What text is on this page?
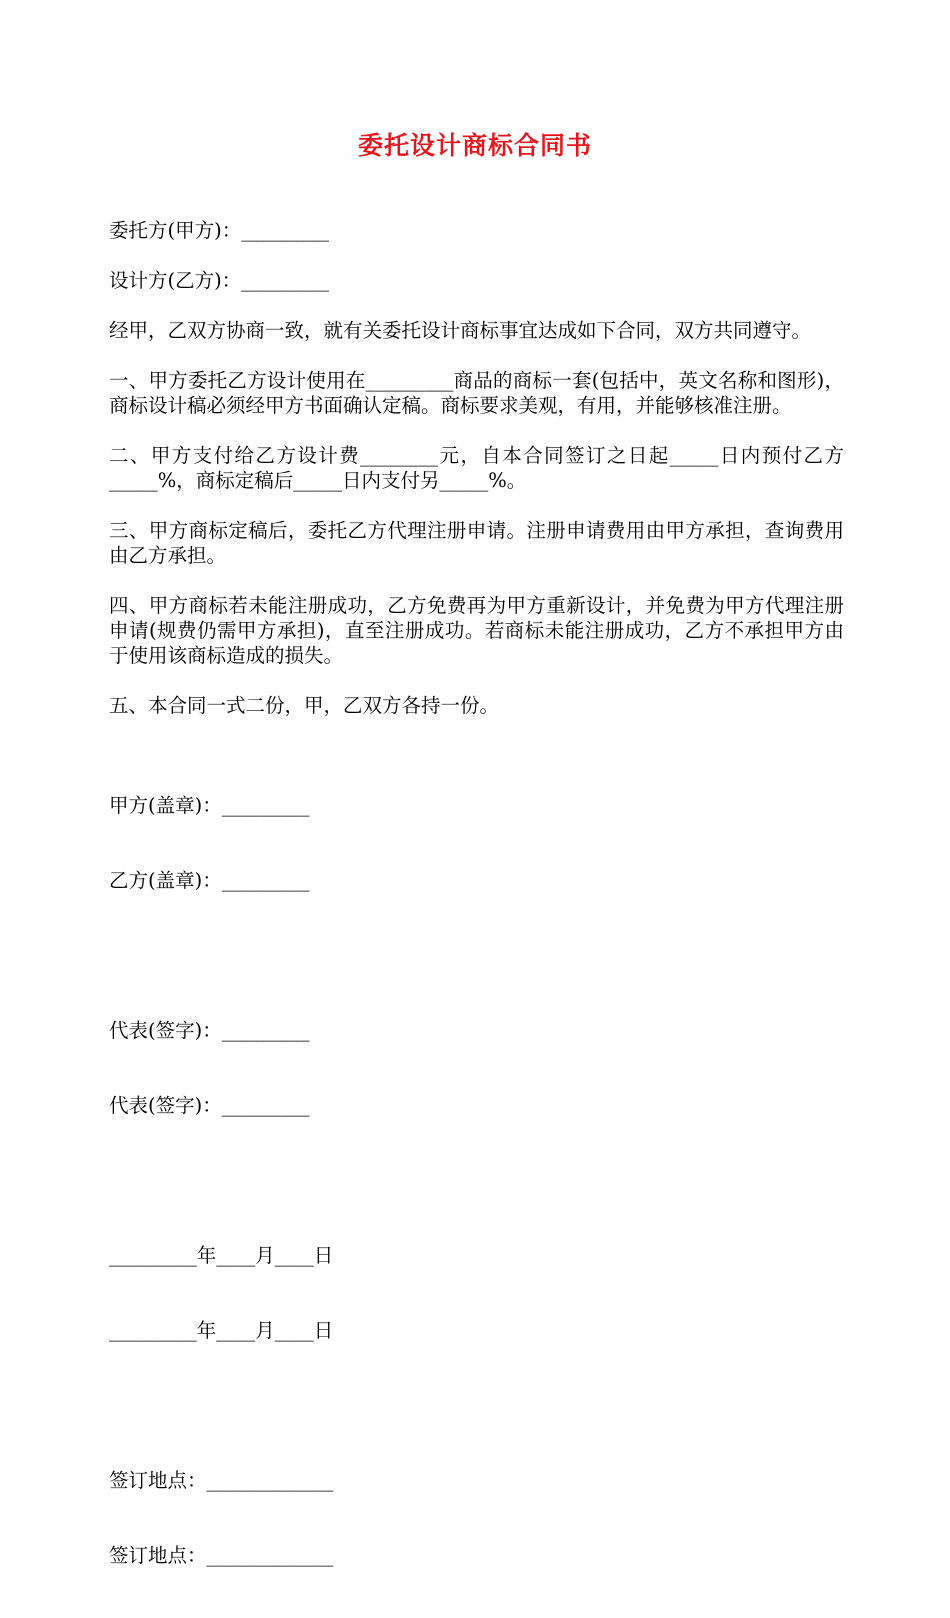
委托设计商标合同书

委托方(甲方)：_________

设计方(乙方)：_________

经甲，乙双方协商一致，就有关委托设计商标事宜达成如下合同，双方共同遵守。

一、甲方委托乙方设计使用在_________商品的商标一套(包括中，英文名称和图形)，商标设计稿必须经甲方书面确认定稿。商标要求美观，有用，并能够核准注册。

二、甲方支付给乙方设计费________元，自本合同签订之日起_____日内预付乙方_____%，商标定稿后_____日内支付另_____%。

三、甲方商标定稿后，委托乙方代理注册申请。注册申请费用由甲方承担，查询费用由乙方承担。

四、甲方商标若未能注册成功，乙方免费再为甲方重新设计，并免费为甲方代理注册申请(规费仍需甲方承担)，直至注册成功。若商标未能注册成功，乙方不承担甲方由于使用该商标造成的损失。

五、本合同一式二份，甲，乙双方各持一份。

甲方(盖章)：_________

乙方(盖章)：_________

代表(签字)：_________

代表(签字)：_________

_________年____月____日

_________年____月____日

签订地点：_____________

签订地点：_____________
